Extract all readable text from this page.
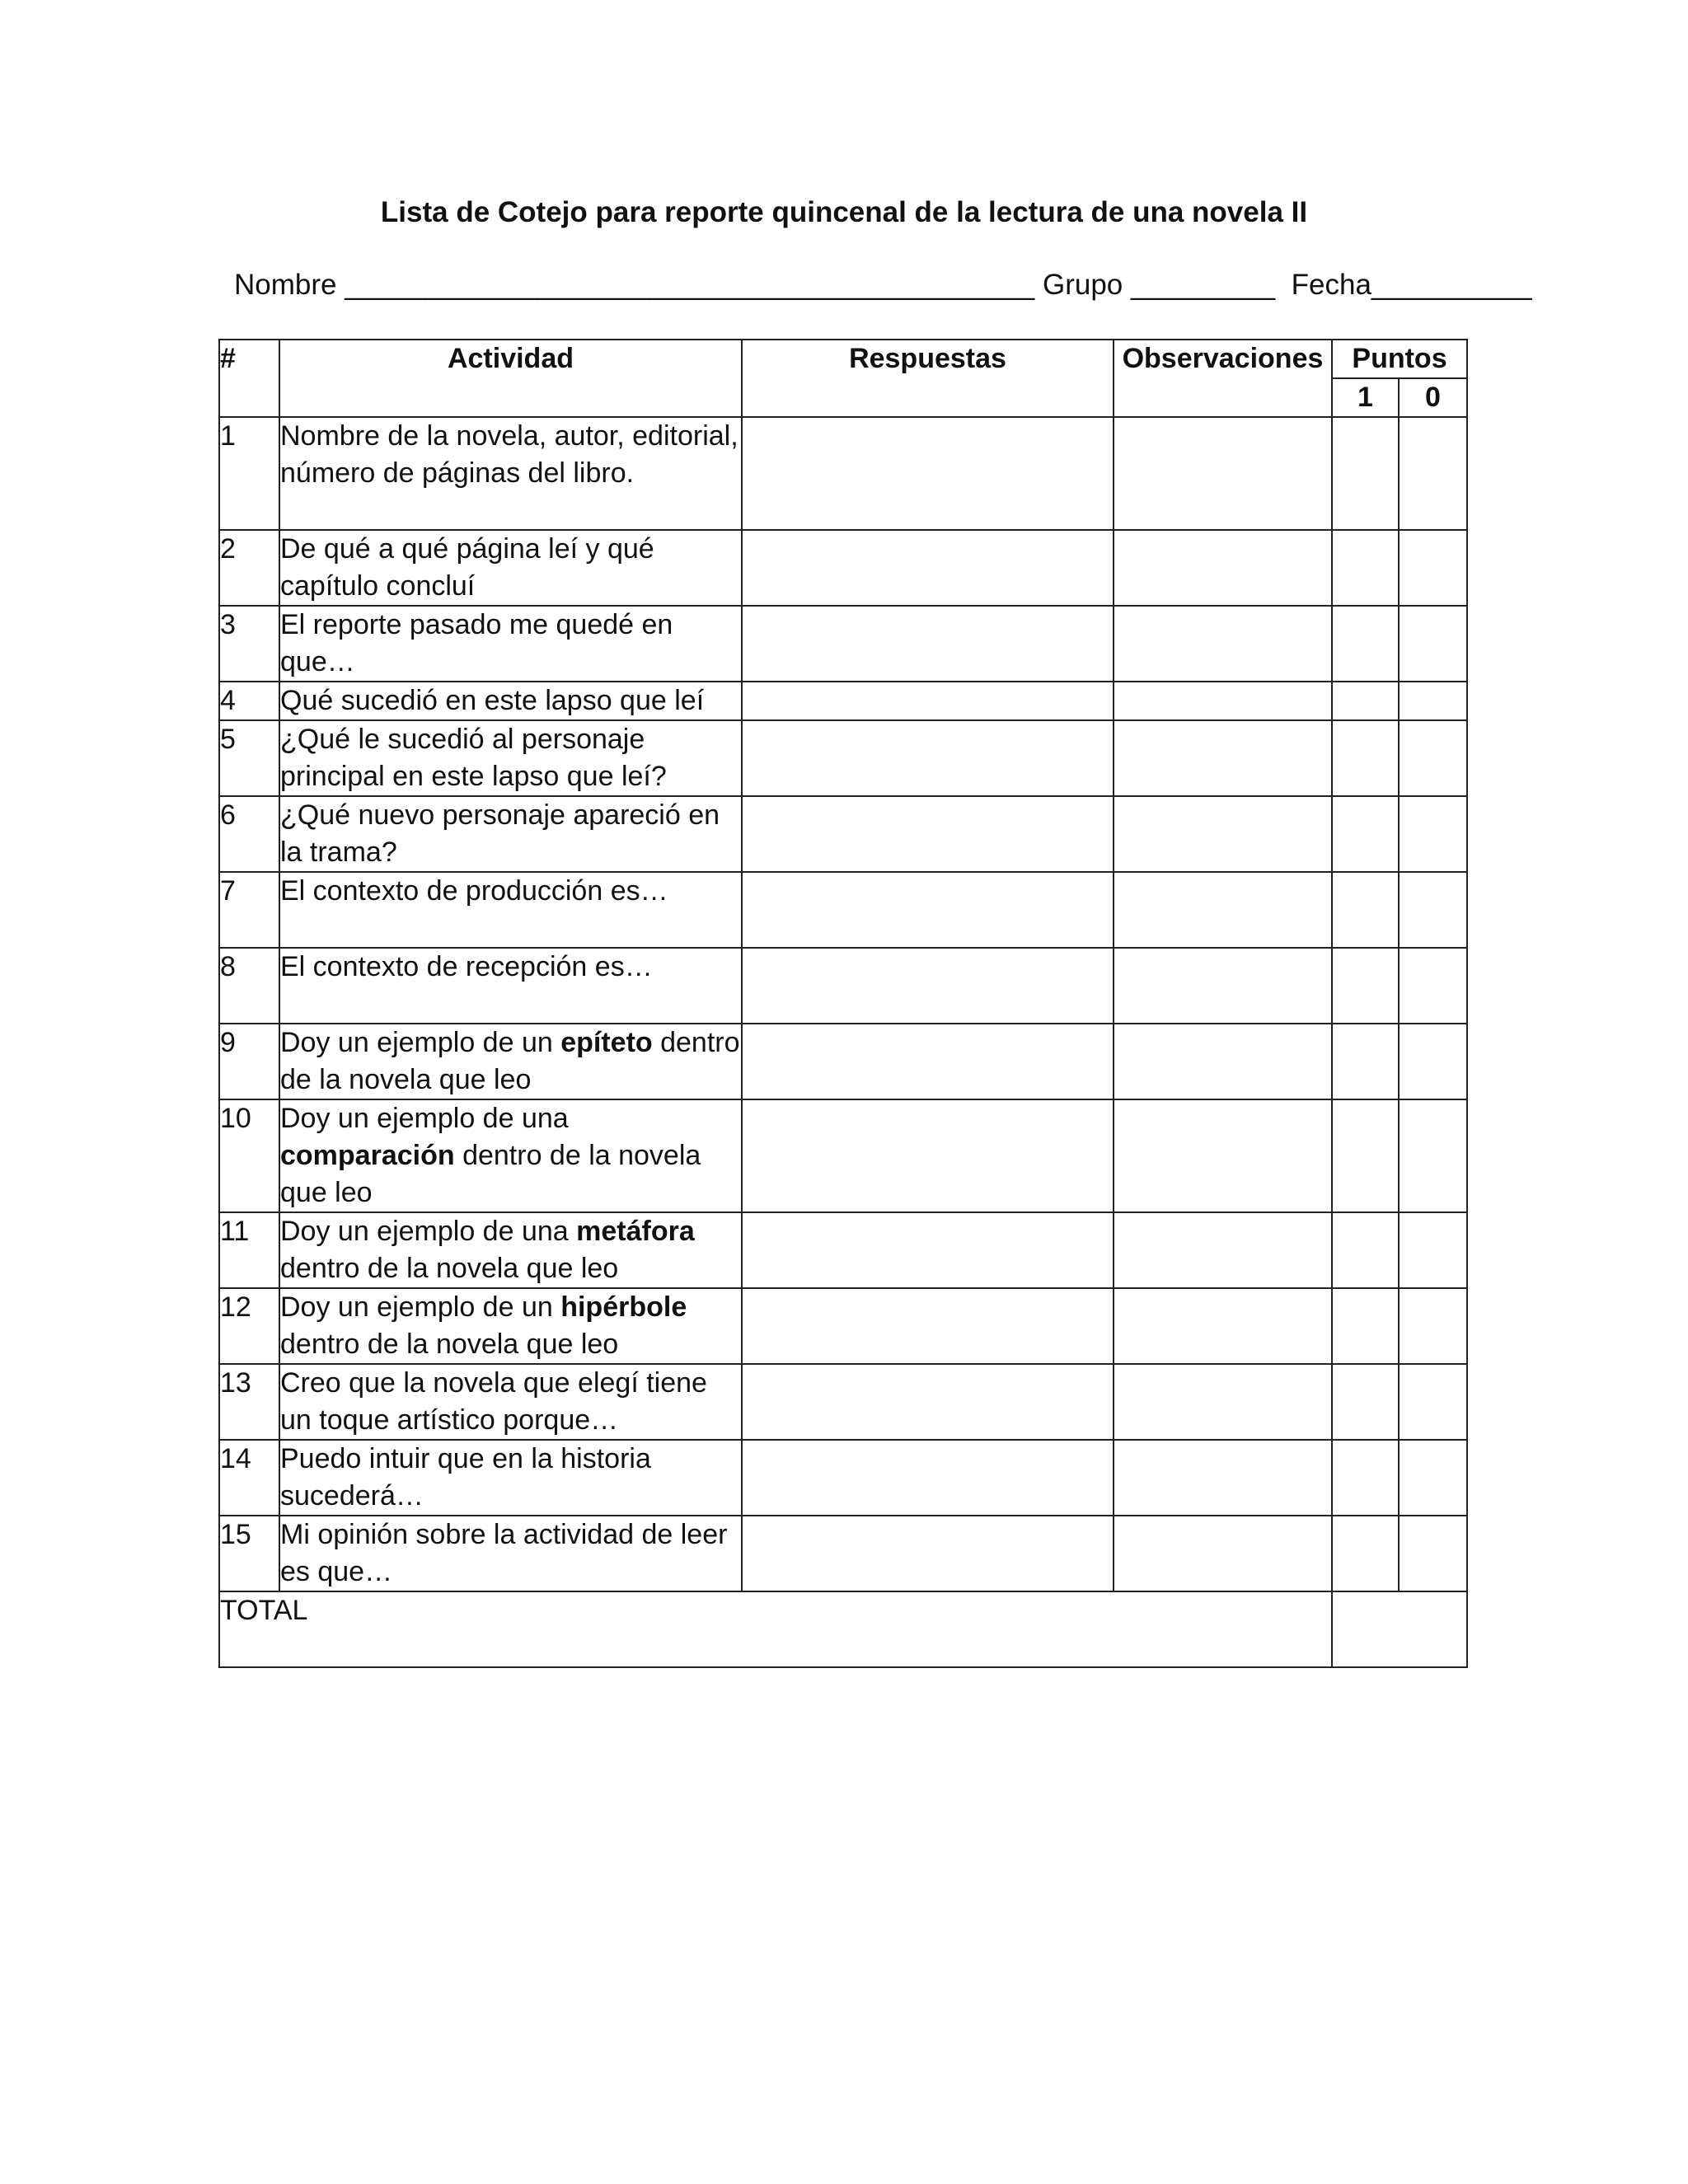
Lista de Cotejo para reporte quincenal de la lectura de una novela II
Nombre ___________________________________________ Grupo _________ Fecha__________
#	Actividad	Respuestas	Observaciones	Puntos	
				1	0
1	Nombre de la novela, autor, editorial, número de páginas del libro.				
2	De qué a qué página leí y qué capítulo concluí				
3	El reporte pasado me quedé en que…				
4	Qué sucedió en este lapso que leí				
5	¿Qué le sucedió al personaje principal en este lapso que leí?				
6	¿Qué nuevo personaje apareció en la trama?				
7	El contexto de producción es…				
8	El contexto de recepción es…				
9	Doy un ejemplo de un epíteto dentro de la novela que leo				
10	Doy un ejemplo de una comparación dentro de la novela que leo				
11	Doy un ejemplo de una metáfora dentro de la novela que leo				
12	Doy un ejemplo de un hipérbole dentro de la novela que leo				
13	Creo que la novela que elegí tiene un toque artístico porque…				
14	Puedo intuir que en la historia sucederá…				
15	Mi opinión sobre la actividad de leer es que…				
TOTAL					
